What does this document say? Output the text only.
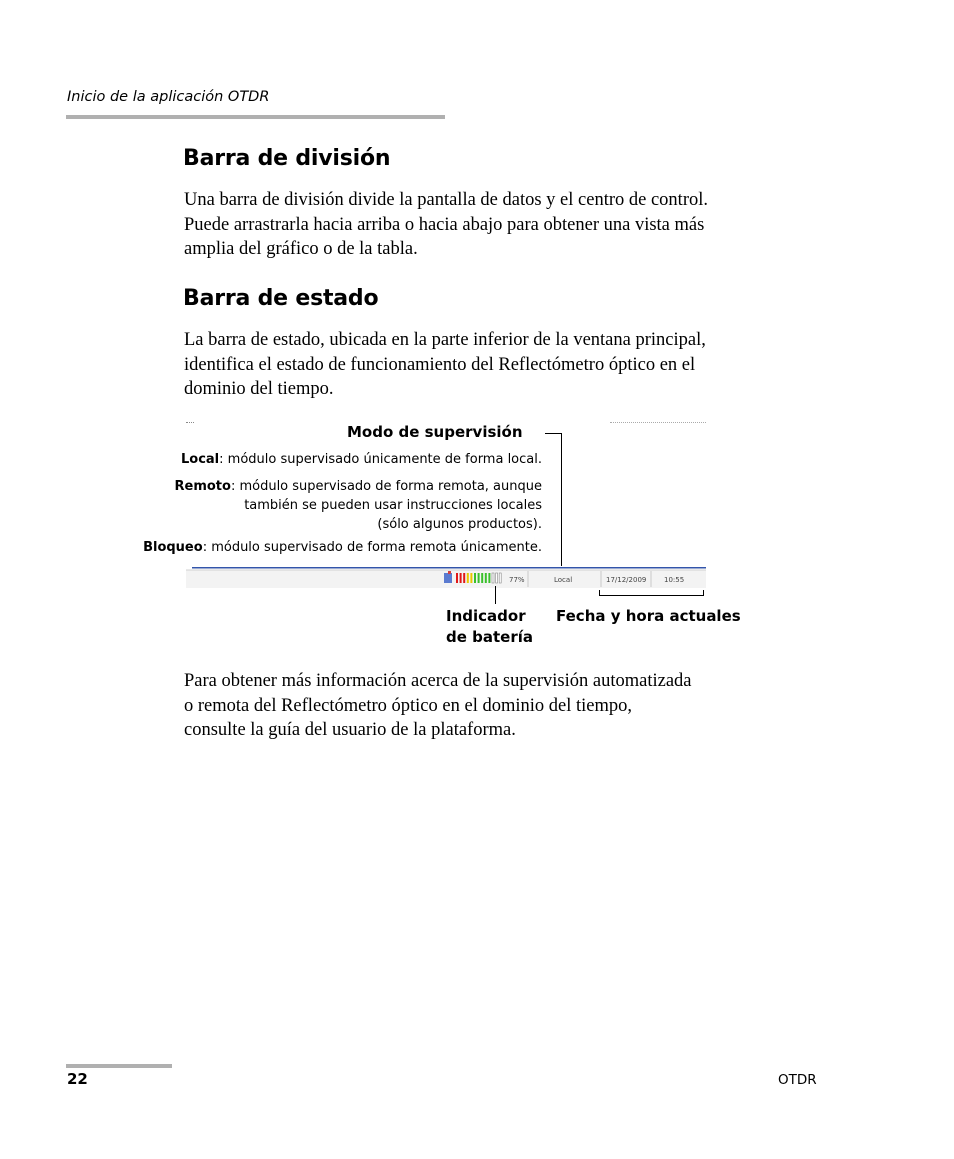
Inicio de la aplicación OTDR
Barra de división
Una barra de división divide la pantalla de datos y el centro de control.
Puede arrastrarla hacia arriba o hacia abajo para obtener una vista más
amplia del gráfico o de la tabla.
Barra de estado
La barra de estado, ubicada en la parte inferior de la ventana principal,
identifica el estado de funcionamiento del Reflectómetro óptico en el
dominio del tiempo.
Modo de supervisión
Local: módulo supervisado únicamente de forma local.
Remoto: módulo supervisado de forma remota, aunque
también se pueden usar instrucciones locales
(sólo algunos productos).
Bloqueo: módulo supervisado de forma remota únicamente.
77%	Local	17/12/2009	10:55
Indicador
de batería
Fecha y hora actuales
Para obtener más información acerca de la supervisión automatizada
o remota del Reflectómetro óptico en el dominio del tiempo,
consulte la guía del usuario de la plataforma.
22	OTDR
